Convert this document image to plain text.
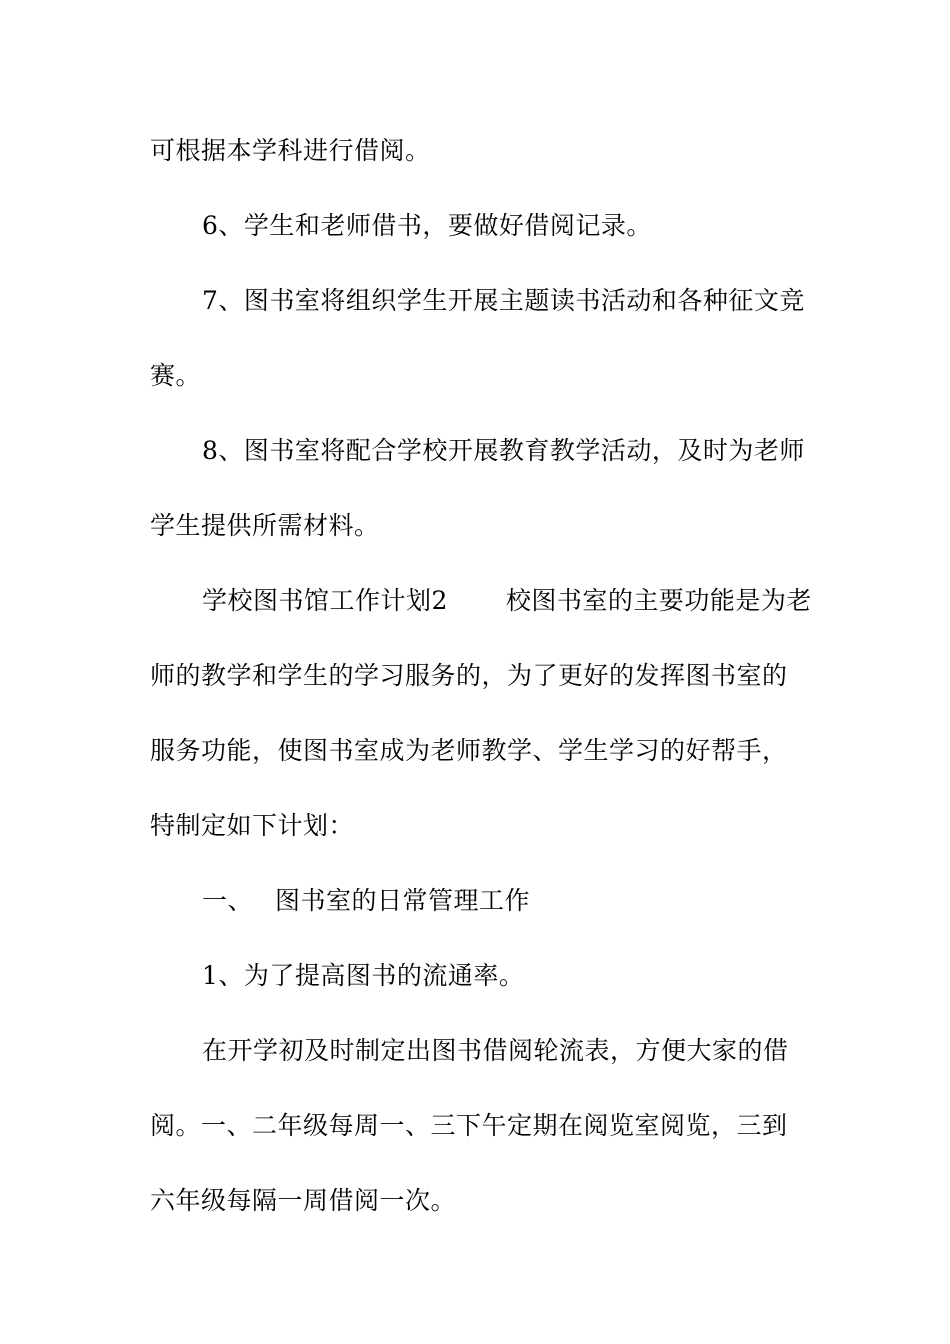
可根据本学科进行借阅。
6、学生和老师借书，要做好借阅记录。
7、图书室将组织学生开展主题读书活动和各种征文竞
赛。
8、图书室将配合学校开展教育教学活动，及时为老师
学生提供所需材料。
学校图书馆工作计划2 校图书室的主要功能是为老
师的教学和学生的学习服务的，为了更好的发挥图书室的
服务功能，使图书室成为老师教学、学生学习的好帮手，
特制定如下计划：
一、 图书室的日常管理工作
1、为了提高图书的流通率。
在开学初及时制定出图书借阅轮流表，方便大家的借
阅。一、二年级每周一、三下午定期在阅览室阅览，三到
六年级每隔一周借阅一次。
